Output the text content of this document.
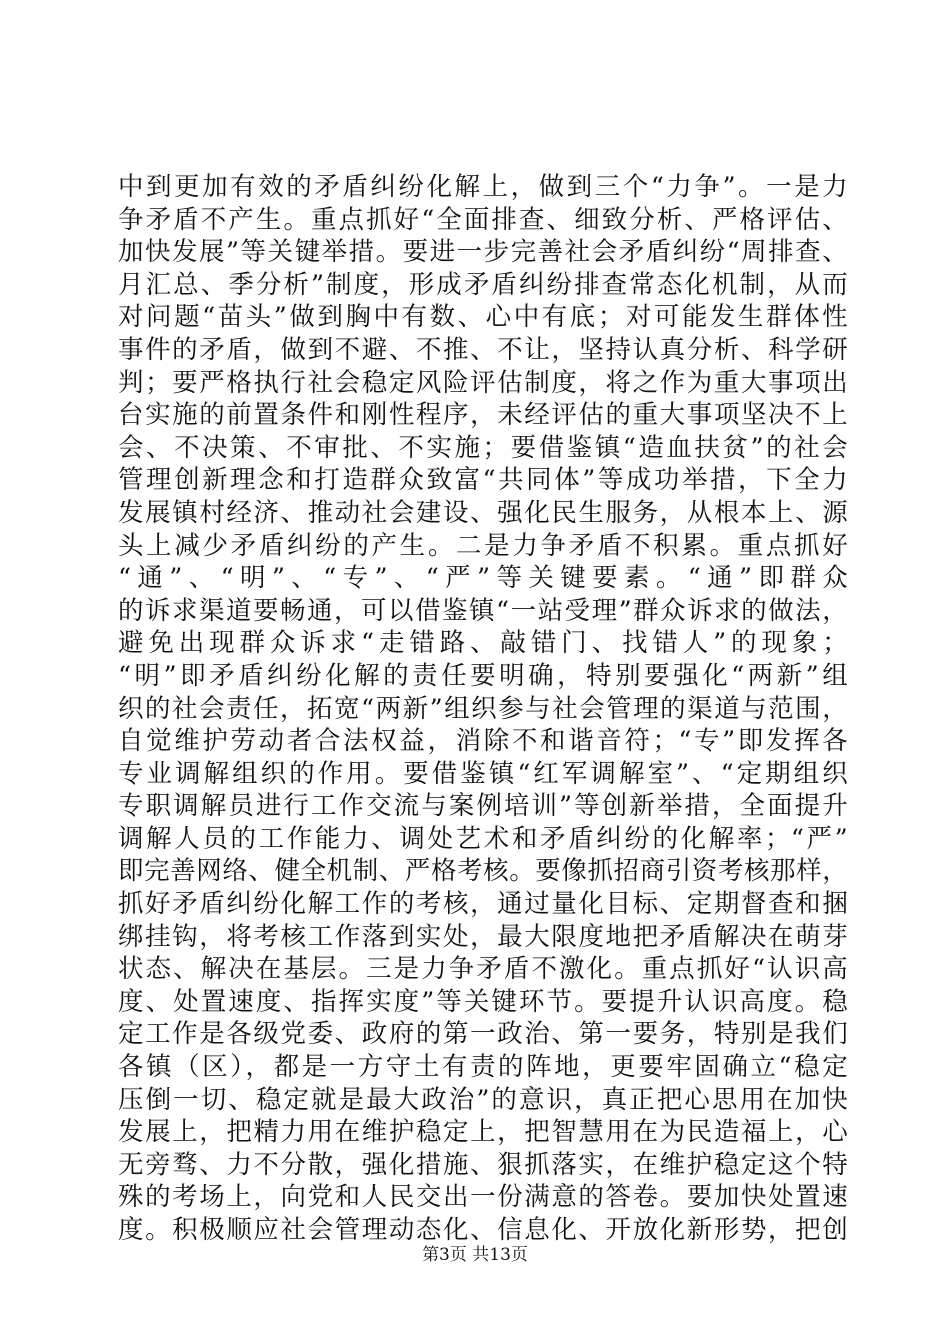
中到更加有效的矛盾纠纷化解上，做到三个“力争”。一是力
争矛盾不产生。重点抓好“全面排查、细致分析、严格评估、
加快发展”等关键举措。要进一步完善社会矛盾纠纷“周排查、
月汇总、季分析”制度，形成矛盾纠纷排查常态化机制，从而
对问题“苗头”做到胸中有数、心中有底；对可能发生群体性
事件的矛盾，做到不避、不推、不让，坚持认真分析、科学研
判；要严格执行社会稳定风险评估制度，将之作为重大事项出
台实施的前置条件和刚性程序，未经评估的重大事项坚决不上
会、不决策、不审批、不实施；要借鉴镇“造血扶贫”的社会
管理创新理念和打造群众致富“共同体”等成功举措，下全力
发展镇村经济、推动社会建设、强化民生服务，从根本上、源
头上减少矛盾纠纷的产生。二是力争矛盾不积累。重点抓好
“通”、“明”、“专”、“严”等关键要素。“通”即群众
的诉求渠道要畅通，可以借鉴镇“一站受理”群众诉求的做法，
避免出现群众诉求“走错路、敲错门、找错人”的现象；
“明”即矛盾纠纷化解的责任要明确，特别要强化“两新”组
织的社会责任，拓宽“两新”组织参与社会管理的渠道与范围，
自觉维护劳动者合法权益，消除不和谐音符；“专”即发挥各
专业调解组织的作用。要借鉴镇“红军调解室”、“定期组织
专职调解员进行工作交流与案例培训”等创新举措，全面提升
调解人员的工作能力、调处艺术和矛盾纠纷的化解率；“严”
即完善网络、健全机制、严格考核。要像抓招商引资考核那样，
抓好矛盾纠纷化解工作的考核，通过量化目标、定期督查和捆
绑挂钩，将考核工作落到实处，最大限度地把矛盾解决在萌芽
状态、解决在基层。三是力争矛盾不激化。重点抓好“认识高
度、处置速度、指挥实度”等关键环节。要提升认识高度。稳
定工作是各级党委、政府的第一政治、第一要务，特别是我们
各镇（区），都是一方守土有责的阵地，更要牢固确立“稳定
压倒一切、稳定就是最大政治”的意识，真正把心思用在加快
发展上，把精力用在维护稳定上，把智慧用在为民造福上，心
无旁骛、力不分散，强化措施、狠抓落实，在维护稳定这个特
殊的考场上，向党和人民交出一份满意的答卷。要加快处置速
度。积极顺应社会管理动态化、信息化、开放化新形势，把创
第3页 共13页
